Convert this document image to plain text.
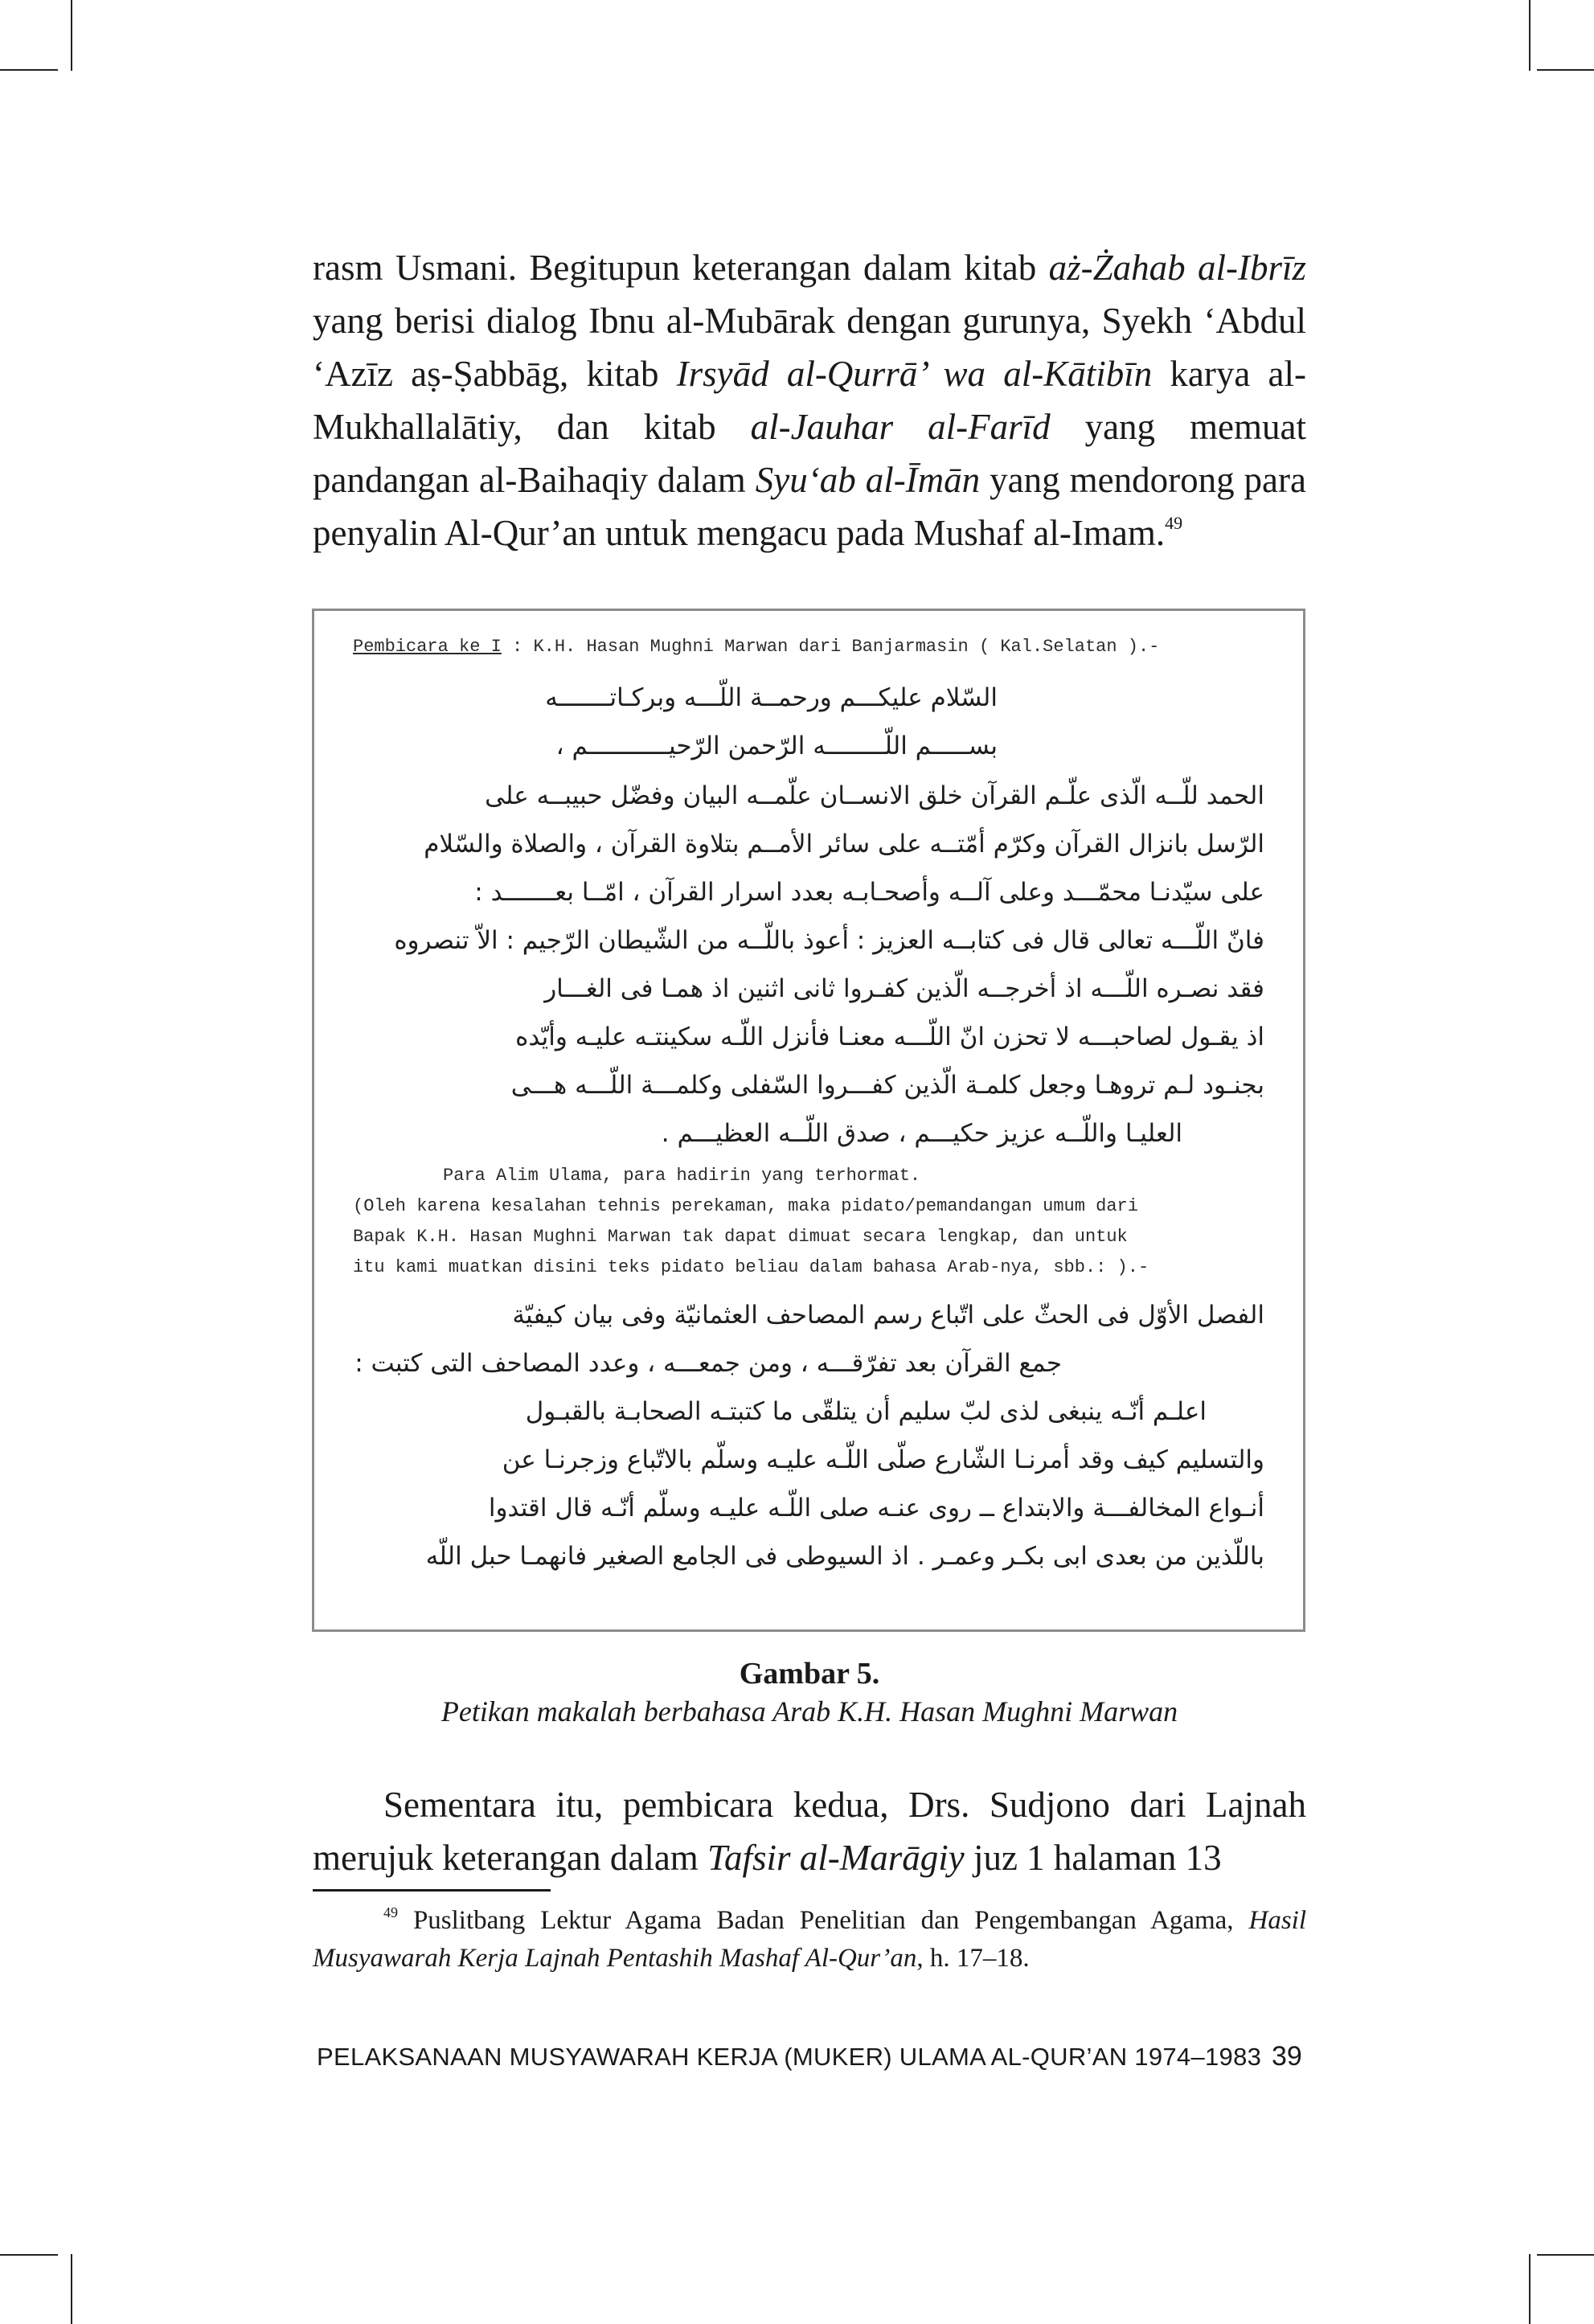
rasm Usmani. Begitupun keterangan dalam kitab aż-Żahab al-Ibrīz yang berisi dialog Ibnu al-Mubārak dengan gurunya, Syekh ‘Abdul ‘Azīz aṣ-Ṣabbāg, kitab Irsyād al-Qurrā’ wa al-Kātibīn karya al-Mukhallalātiy, dan kitab al-Jauhar al-Farīd yang memuat pandangan al-Baihaqiy dalam Syu‘ab al-Īmān yang mendorong para penyalin Al-Qur’an untuk mengacu pada Mushaf al-Imam.$^{49}$

Pembicara ke I : K.H. Hasan Mughni Marwan dari Banjarmasin ( Kal.Selatan ).-
السّلام عليكـــم ورحمــة اللّـــه وبركـاتـــــــه
بســـــم اللّــــــــه الرّحمن الرّحيـــــــــــم ،
الحمد للّــه الّذى علّـم القرآن خلق الانســان علّمــه البيان وفضّل حبيبــه على
الرّسل بانزال القرآن وكرّم أمّتــه على سائر الأمــم بتلاوة القرآن ، والصلاة والسّلام
على سيّدنـا محمّـــد وعلى آلــه وأصحـابـه بعدد اسرار القرآن ، امّــا بعـــــــد :
فانّ اللّـــه تعالى قال فى كتابــه العزيز : أعوذ باللّــه من الشّيطان الرّجيم : الاّ تنصروه
فقد نصـره اللّـــه اذ أخرجــه الّذين كفـروا ثانى اثنين اذ همـا فى الغـــار
اذ يقـول لصاحبـــه لا تحزن انّ اللّـــه معنـا فأنزل اللّـه سكينتـه عليـه وأيّده
بجنـود لـم تروهـا وجعل كلمـة الّذين كفـــروا السّفلى وكلمـــة اللّـــه هـــى
العليـا واللّــه عزيز حكيـــم ، صدق اللّــه العظيـــم .
Para Alim Ulama, para hadirin yang terhormat.
(Oleh karena kesalahan tehnis perekaman, maka pidato/pemandangan umum dari
Bapak K.H. Hasan Mughni Marwan tak dapat dimuat secara lengkap, dan untuk
itu kami muatkan disini teks pidato beliau dalam bahasa Arab-nya, sbb.: ).-
الفصل الأوّل فى الحثّ على اتّباع رسم المصاحف العثمانيّة وفى بيان كيفيّة
جمع القرآن بعد تفرّقـــه ، ومن جمعـــه ، وعدد المصاحف التى كتبت :
اعلـم أنّـه ينبغى لذى لبّ سليم أن يتلقّى ما كتبتـه الصحابـة بالقبـول
والتسليم كيف وقد أمرنـا الشّارع صلّى اللّـه عليـه وسلّم بالاتّباع وزجرنـا عن
أنـواع المخالفـــة والابتداع ــ روى عنـه صلى اللّـه عليـه وسلّم أنّـه قال اقتدوا
باللّذين من بعدى ابى بكـر وعمـر . اذ السيوطى فى الجامع الصغير فانهمـا حبل اللّه
Gambar 5.
Petikan makalah berbahasa Arab K.H. Hasan Mughni Marwan

Sementara itu, pembicara kedua, Drs. Sudjono dari Lajnah merujuk keterangan dalam Tafsir al-Marāgiy juz 1 halaman 13

$^{49}$ Puslitbang Lektur Agama Badan Penelitian dan Pengembangan Agama, Hasil Musyawarah Kerja Lajnah Pentashih Mashaf Al-Qur’an, h. 17–18.

PELAKSANAAN MUSYAWARAH KERJA (MUKER) ULAMA AL-QUR’AN 1974–1983 39
